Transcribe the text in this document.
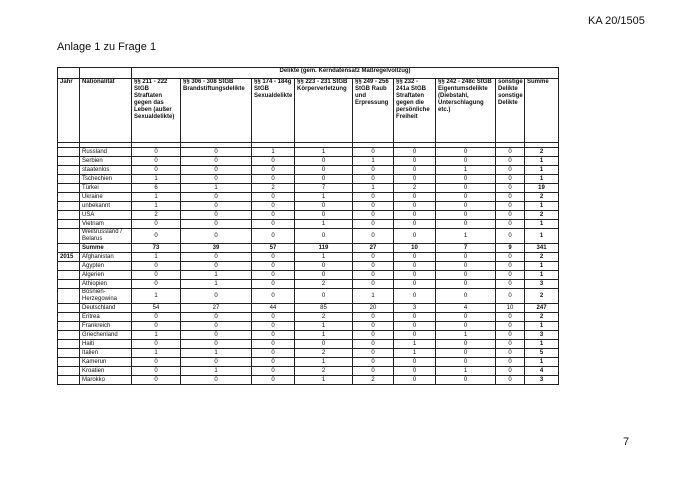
KA 20/1505
Anlage 1 zu Frage 1
		Delikte (gem. Kerndatensatz Maßregelvollzug)								
Jahr	Nationalität	§§ 211 - 222 StGB Straftaten gegen das Leben (außer Sexualdelikte)	§§ 306 - 308 StGB Brandstiftungsdelikte	§§ 174 - 184g StGB Sexualdelikte	§§ 223 - 231 StGB Körperverletzung	§§ 249 - 256 StGB Raub und Erpressung	§§ 232 - 241a StGB Straftaten gegen die persönliche Freiheit	§§ 242 - 248c StGB Eigentumsdelikte (Diebstahl, Unterschlagung etc.)	sonstige Delikte sonstige Delikte	Summe

	Russland	0	0	1	1	0	0	0	0	2
	Serbien	0	0	0	0	1	0	0	0	1
	staatenlos	0	0	0	0	0	0	1	0	1
	Tschechien	1	0	0	0	0	0	0	0	1
	Türkei	6	1	2	7	1	2	0	0	19
	Ukraine	1	0	0	1	0	0	0	0	2
	unbekannt	1	0	0	0	0	0	0	0	1
	USA	2	0	0	0	0	0	0	0	2
	Vietnam	0	0	0	1	0	0	0	0	1
	Weißrussland / Belarus	0	0	0	0	0	0	1	0	1
	Summe	73	39	57	119	27	10	7	9	341
2015	Afghanistan	1	0	0	1	0	0	0	0	2
	Ägypten	0	0	0	0	0	0	0	0	1
	Algerien	0	1	0	0	0	0	0	0	1
	Äthiopien	0	1	0	2	0	0	0	0	3
	Bosnien-Herzegowina	1	0	0	0	1	0	0	0	2
	Deutschland	54	27	44	85	20	3	4	10	247
	Eritrea	0	0	0	2	0	0	0	0	2
	Frankreich	0	0	0	1	0	0	0	0	1
	Griechenland	1	0	0	1	0	0	1	0	3
	Haiti	0	0	0	0	0	1	0	0	1
	Italien	1	1	0	2	0	1	0	0	5
	Kamerun	0	0	0	1	0	0	0	0	1
	Kroatien	0	1	0	2	0	0	1	0	4
	Marokko	0	0	0	1	2	0	0	0	3
7
